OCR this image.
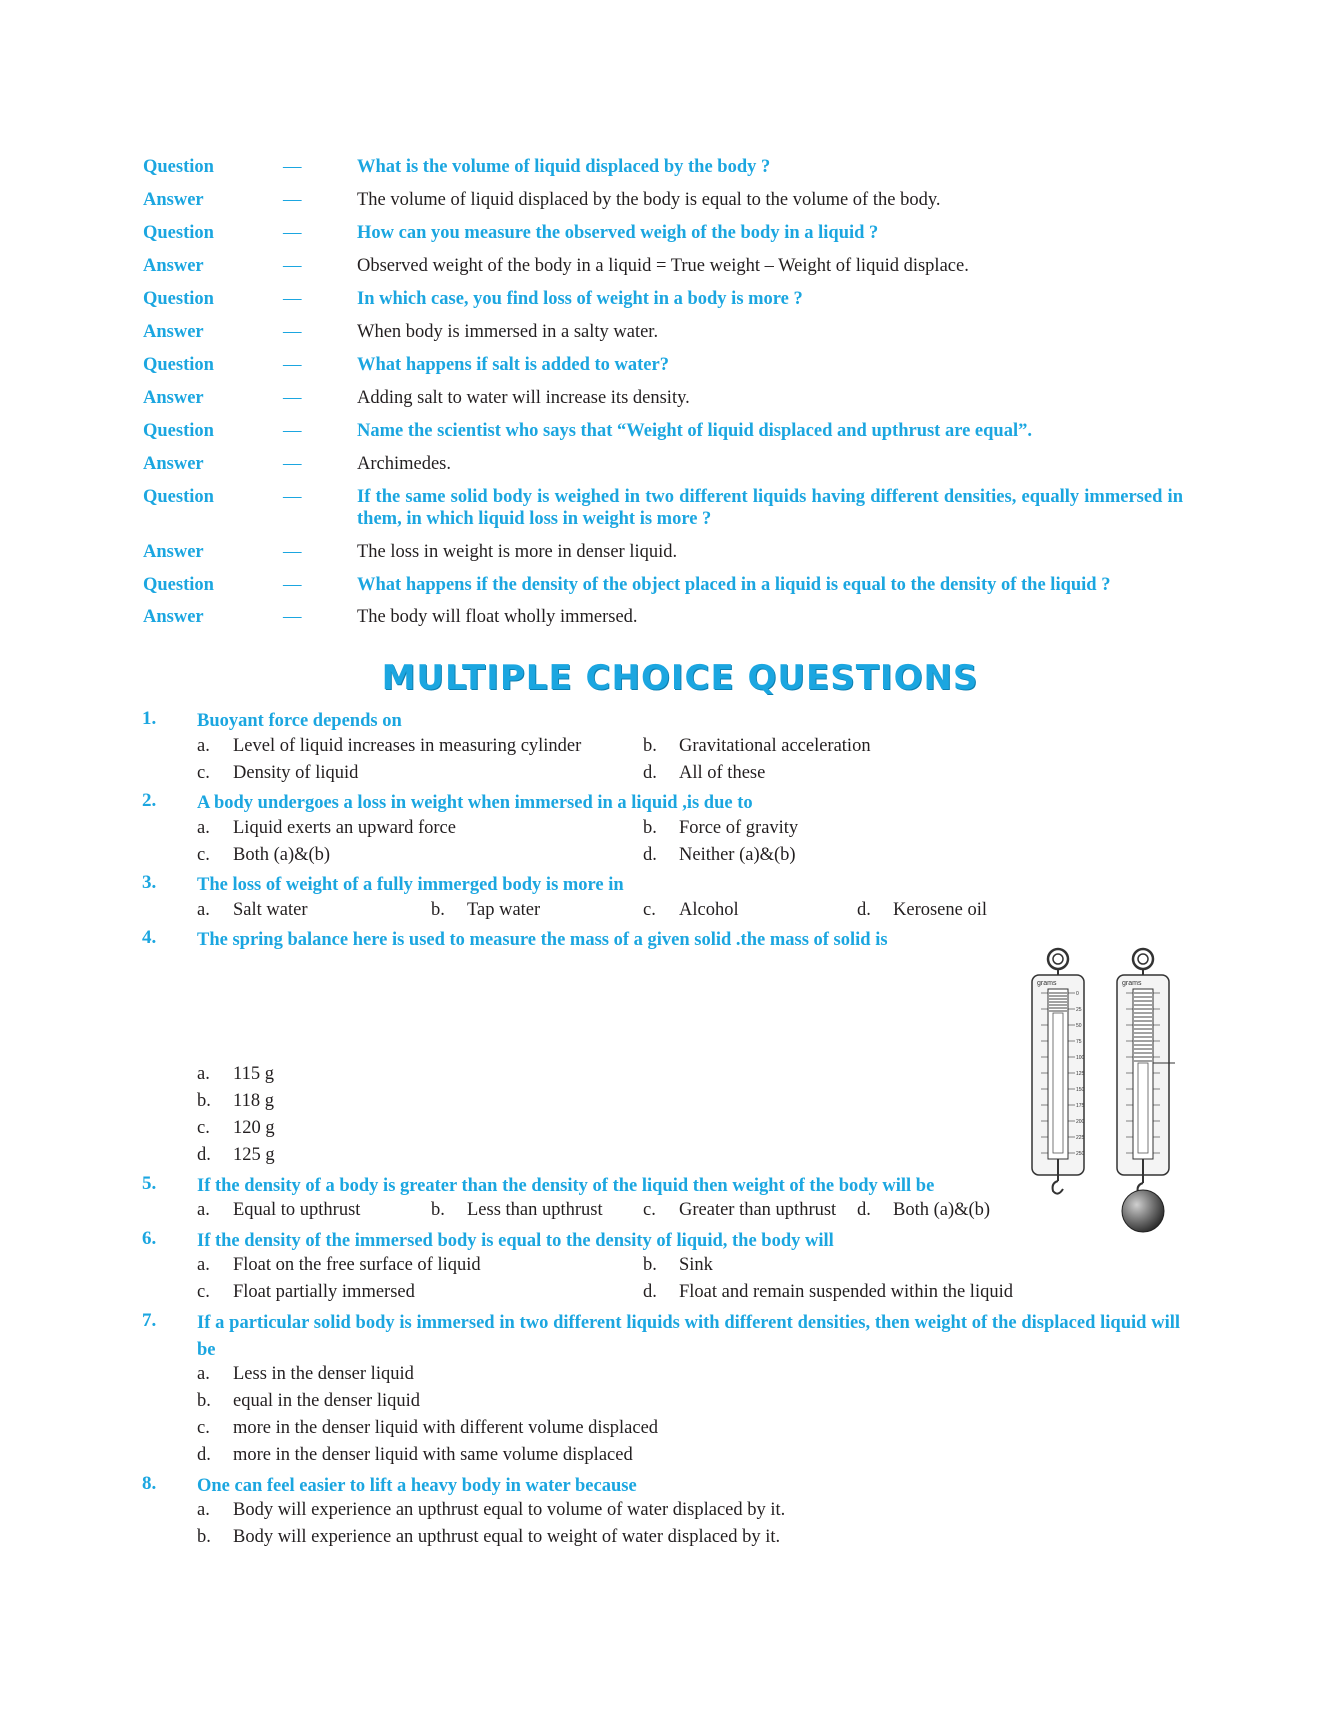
Question	—	What is the volume of liquid displaced by the body ?
Answer	—	The volume of liquid displaced by the body is equal to the volume of the body.
Question	—	How can you measure the observed weigh of the body in a liquid ?
Answer	—	Observed weight of the body in a liquid = True weight – Weight of liquid displace.
Question	—	In which case, you find loss of weight in a body is more ?
Answer	—	When body is immersed in a salty water.
Question	—	What happens if salt is added to water?
Answer	—	Adding salt to water will increase its density.
Question	—	Name the scientist who says that “Weight of liquid displaced and upthrust are equal”.
Answer	—	Archimedes.
Question	—	If the same solid body is weighed in two different liquids having different densities, equally immersed in them, in which liquid loss in weight is more ?
Answer	—	The loss in weight is more in denser liquid.
Question	—	What happens if the density of the object placed in a liquid is equal to the density of the liquid ?
Answer	—	The body will float wholly immersed.
MULTIPLE CHOICE QUESTIONS
1. Buoyant force depends on
a. Level of liquid increases in measuring cylinder	b. Gravitational acceleration
c. Density of liquid	d. All of these
2. A body undergoes a loss in weight when immersed in a liquid ,is due to
a. Liquid exerts an upward force	b. Force of gravity
c. Both (a)&(b)	d. Neither (a)&(b)
3. The loss of weight of a fully immerged body is more in
a. Salt water	b. Tap water	c. Alcohol	d. Kerosene oil
4. The spring balance here is used to measure the mass of a given solid .the mass of solid is
a. 115 g
b. 118 g
c. 120 g
d. 125 g
5. If the density of a body is greater than the density of the liquid then weight of the body will be
a. Equal to upthrust	b. Less than upthrust c. Greater than upthrust d. Both (a)&(b)
6. If the density of the immersed body is equal to the density of liquid, the body will
a. Float on the free surface of liquid	b. Sink
c. Float partially immersed	d. Float and remain suspended within the liquid
7. If a particular solid body is immersed in two different liquids with different densities, then weight of the displaced liquid will be
a. Less in the denser liquid
b. equal in the denser liquid
c. more in the denser liquid with different volume displaced
d. more in the denser liquid with same volume displaced
8. One can feel easier to lift a heavy body in water because
a. Body will experience an upthrust equal to volume of water displaced by it.
b. Body will experience an upthrust equal to weight of water displaced by it.
grams
0
25
50
75
100
125
150
175
200
225
250
grams
